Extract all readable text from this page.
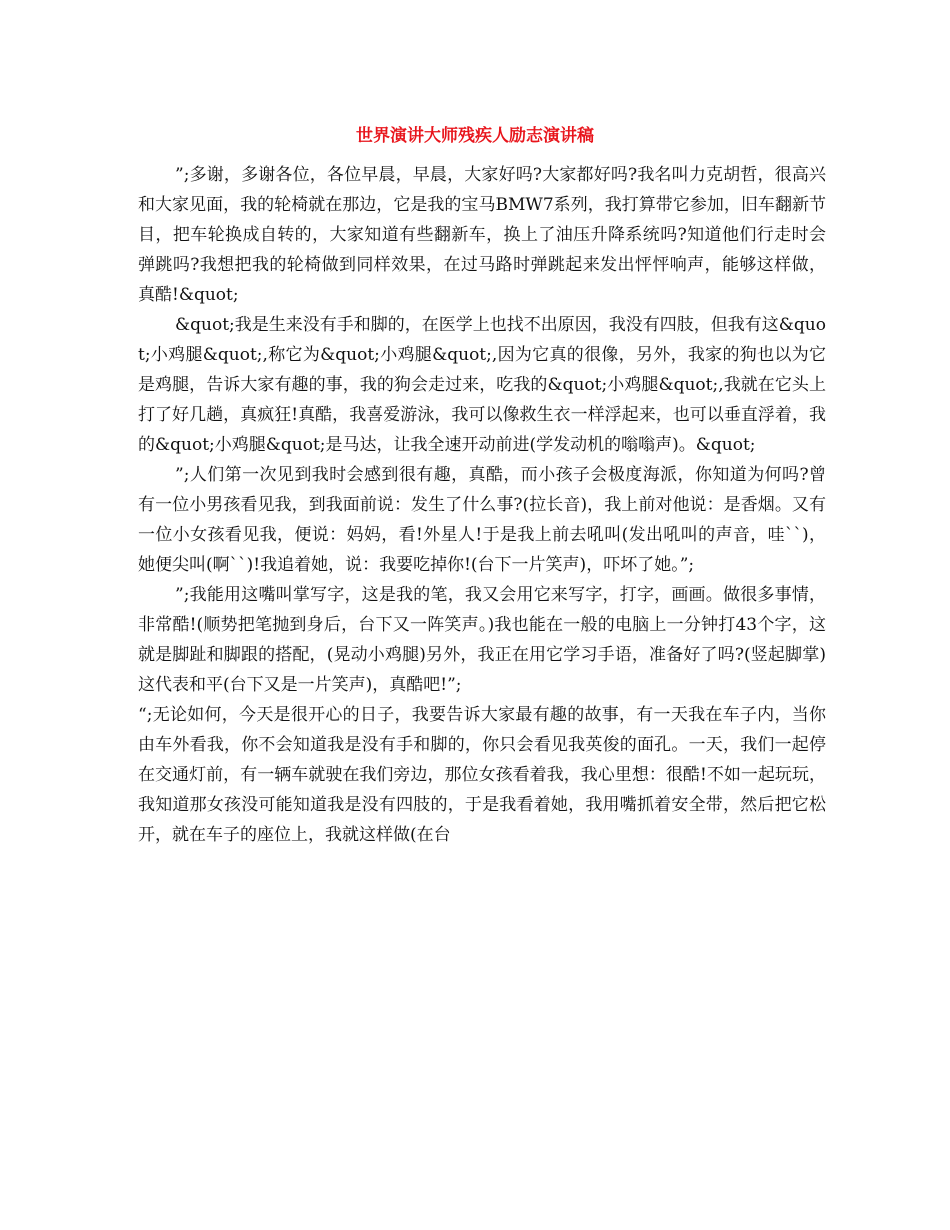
世界演讲大师残疾人励志演讲稿

”;多谢，多谢各位，各位早晨，早晨，大家好吗?大家都好吗?我名叫力克胡哲，很高兴和大家见面，我的轮椅就在那边，它是我的宝马BMW7系列，我打算带它参加，旧车翻新节目，把车轮换成自转的，大家知道有些翻新车，换上了油压升降系统吗?知道他们行走时会弹跳吗?我想把我的轮椅做到同样效果，在过马路时弹跳起来发出怦怦响声，能够这样做，真酷!&quot;

&quot;我是生来没有手和脚的，在医学上也找不出原因，我没有四肢，但我有这&quot;小鸡腿&quot;,称它为&quot;小鸡腿&quot;,因为它真的很像，另外，我家的狗也以为它是鸡腿，告诉大家有趣的事，我的狗会走过来，吃我的&quot;小鸡腿&quot;,我就在它头上打了好几趟，真疯狂!真酷，我喜爱游泳，我可以像救生衣一样浮起来，也可以垂直浮着，我的&quot;小鸡腿&quot;是马达，让我全速开动前进(学发动机的嗡嗡声)。&quot;

”;人们第一次见到我时会感到很有趣，真酷，而小孩子会极度海派，你知道为何吗?曾有一位小男孩看见我，到我面前说：发生了什么事?(拉长音)，我上前对他说：是香烟。又有一位小女孩看见我，便说：妈妈，看!外星人!于是我上前去吼叫(发出吼叫的声音，哇``)，她便尖叫(啊``)!我追着她，说：我要吃掉你!(台下一片笑声)，吓坏了她。”;

”;我能用这嘴叫掌写字，这是我的笔，我又会用它来写字，打字，画画。做很多事情，非常酷!(顺势把笔抛到身后，台下又一阵笑声。)我也能在一般的电脑上一分钟打43个字，这就是脚趾和脚跟的搭配，(晃动小鸡腿)另外，我正在用它学习手语，准备好了吗?(竖起脚掌)这代表和平(台下又是一片笑声)，真酷吧!”;

“;无论如何，今天是很开心的日子，我要告诉大家最有趣的故事，有一天我在车子内，当你由车外看我，你不会知道我是没有手和脚的，你只会看见我英俊的面孔。一天，我们一起停在交通灯前，有一辆车就驶在我们旁边，那位女孩看着我，我心里想：很酷!不如一起玩玩，我知道那女孩没可能知道我是没有四肢的，于是我看着她，我用嘴抓着安全带，然后把它松开，就在车子的座位上，我就这样做(在台
